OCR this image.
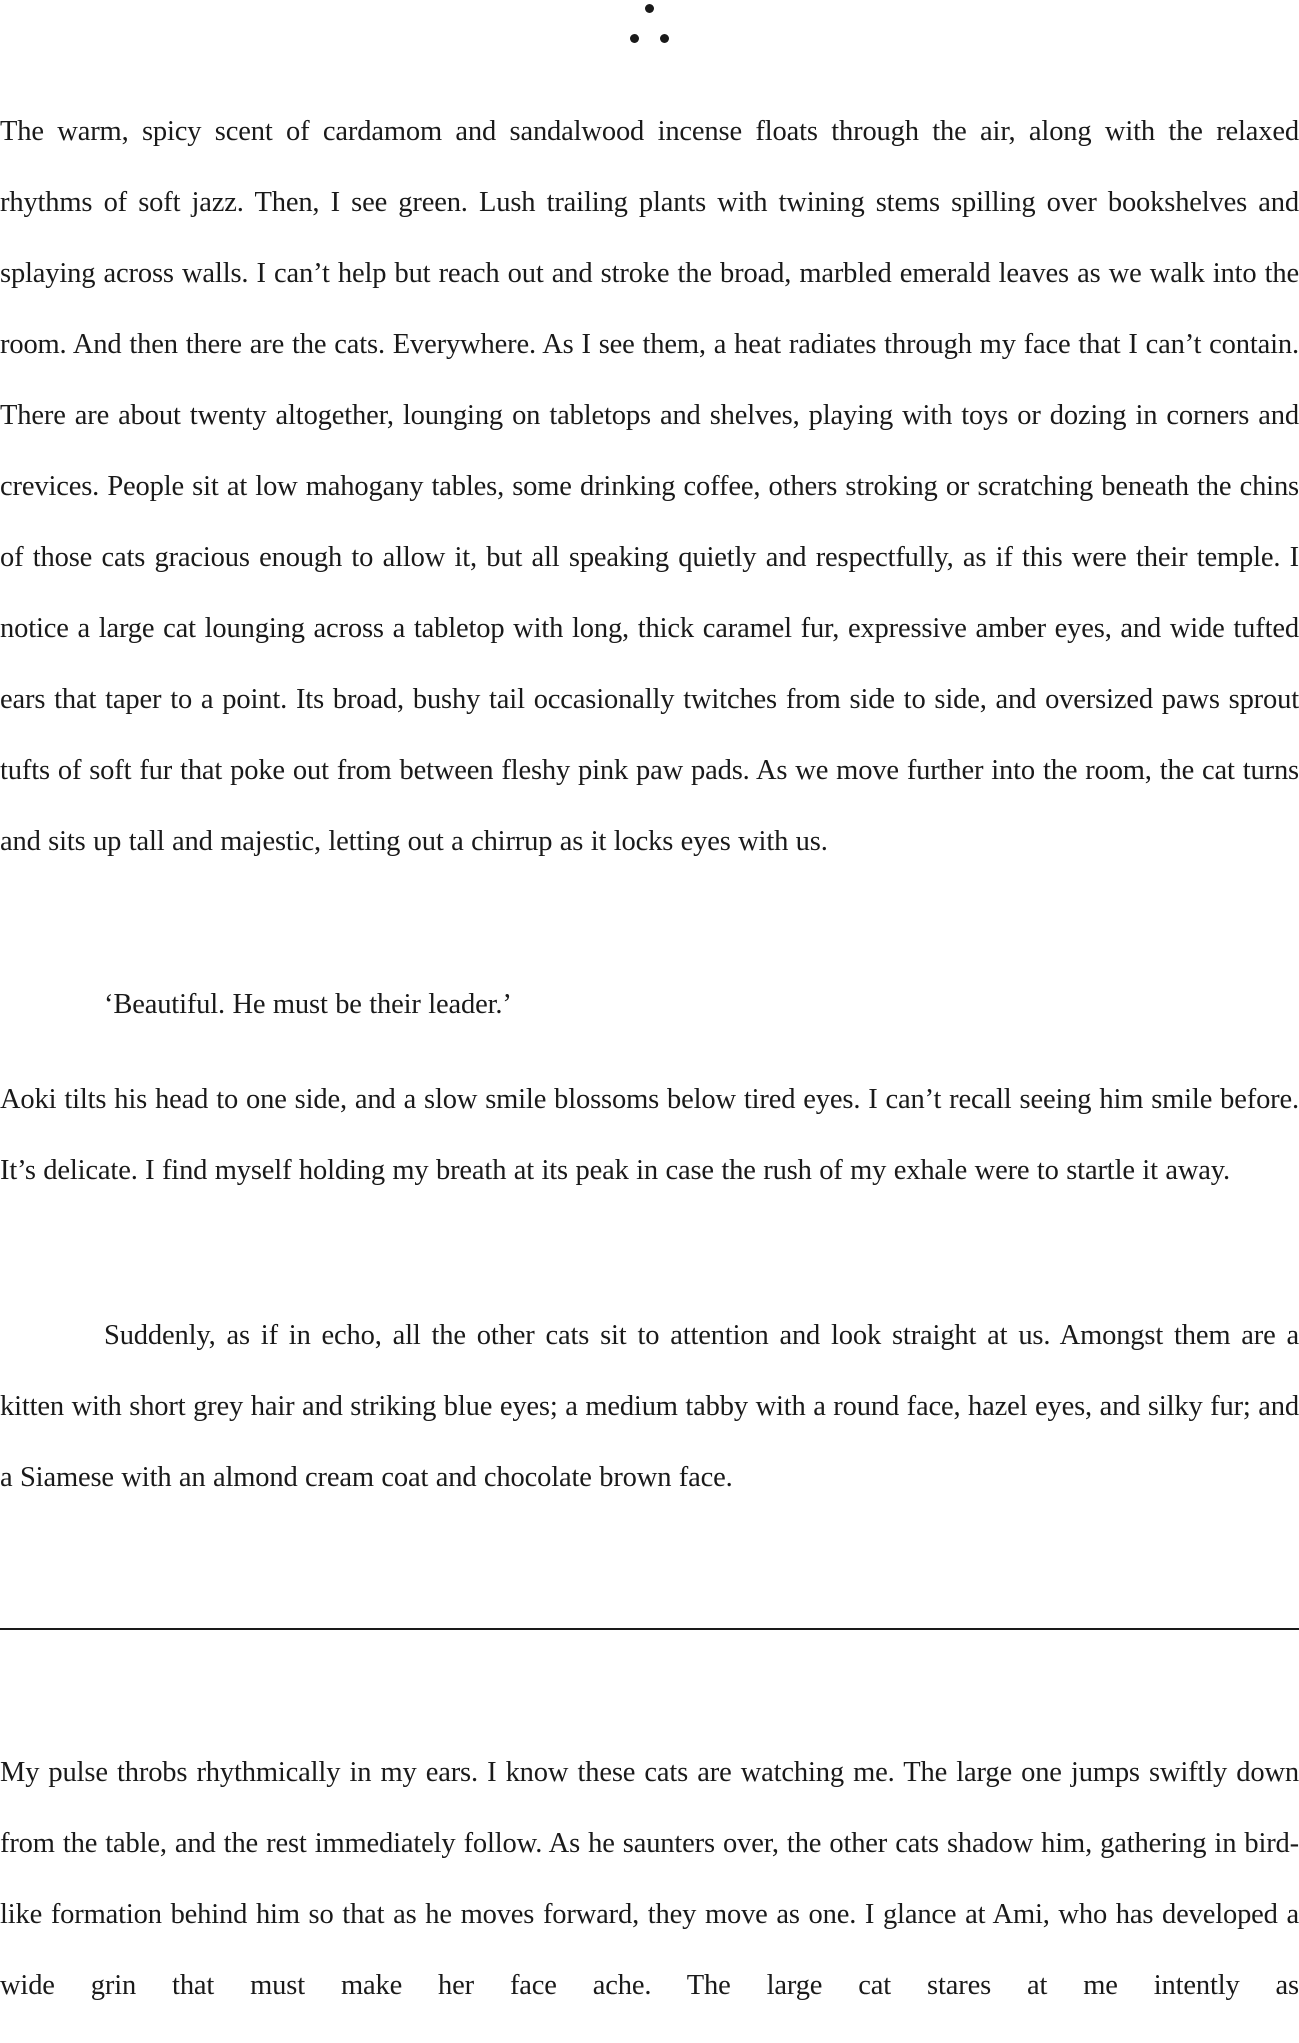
The warm, spicy scent of cardamom and sandalwood incense floats through the air, along with the relaxed rhythms of soft jazz. Then, I see green. Lush trailing plants with twining stems spilling over bookshelves and splaying across walls. I can’t help but reach out and stroke the broad, marbled emerald leaves as we walk into the room. And then there are the cats. Everywhere. As I see them, a heat radiates through my face that I can’t contain. There are about twenty altogether, lounging on tabletops and shelves, playing with toys or dozing in corners and crevices. People sit at low mahogany tables, some drinking coffee, others stroking or scratching beneath the chins of those cats gracious enough to allow it, but all speaking quietly and respectfully, as if this were their temple. I notice a large cat lounging across a tabletop with long, thick caramel fur, expressive amber eyes, and wide tufted ears that taper to a point. Its broad, bushy tail occasionally twitches from side to side, and oversized paws sprout tufts of soft fur that poke out from between fleshy pink paw pads. As we move further into the room, the cat turns and sits up tall and majestic, letting out a chirrup as it locks eyes with us.

‘Beautiful. He must be their leader.’

Aoki tilts his head to one side, and a slow smile blossoms below tired eyes. I can’t recall seeing him smile before. It’s delicate. I find myself holding my breath at its peak in case the rush of my exhale were to startle it away.

Suddenly, as if in echo, all the other cats sit to attention and look straight at us. Amongst them are a kitten with short grey hair and striking blue eyes; a medium tabby with a round face, hazel eyes, and silky fur; and a Siamese with an almond cream coat and chocolate brown face.

My pulse throbs rhythmically in my ears. I know these cats are watching me. The large one jumps swiftly down from the table, and the rest immediately follow. As he saunters over, the other cats shadow him, gathering in bird-like formation behind him so that as he moves forward, they move as one. I glance at Ami, who has developed a wide grin that must make her face ache. The large cat stares at me intently as
